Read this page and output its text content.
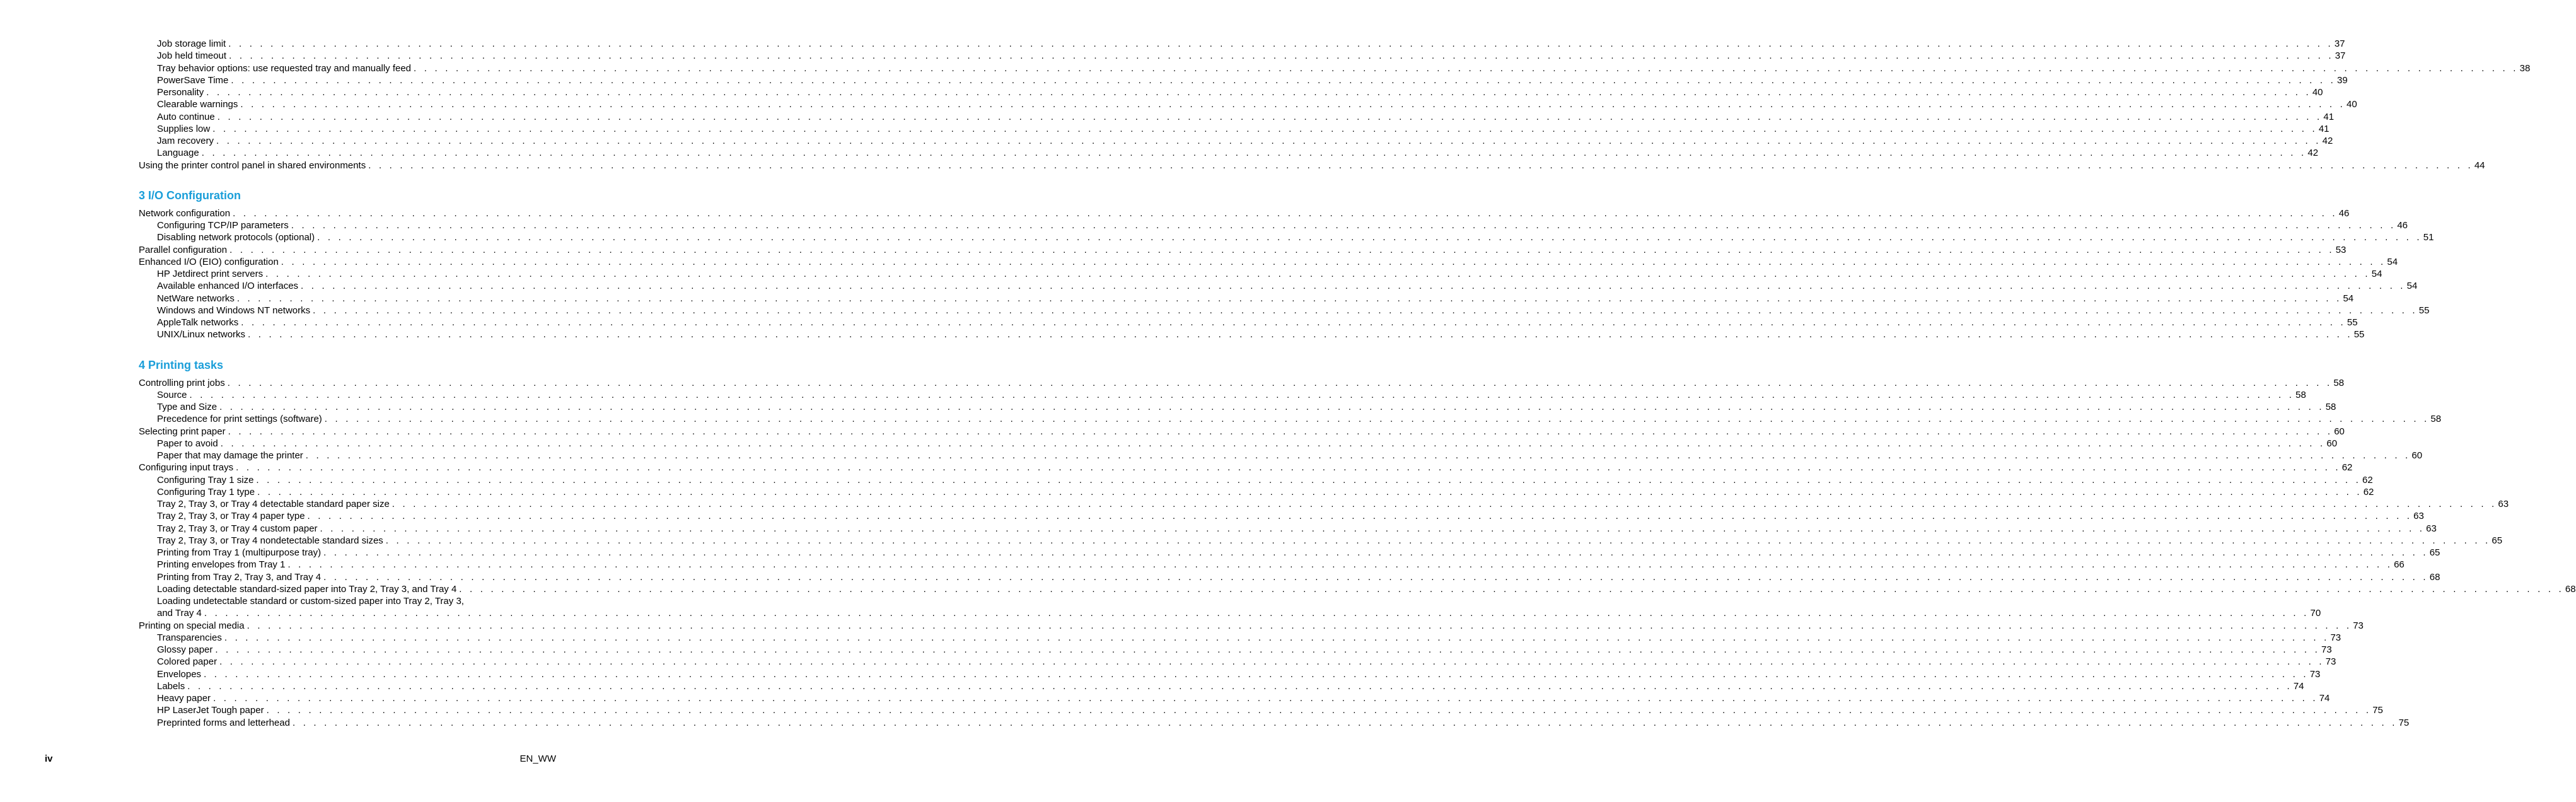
Job storage limit . . . . . . . . . . . . . . . . . . . . . . . . . . . . . . . . . . . . . . . . . . . . . . . . . . . . . . . . . . . . . . . . . . . . . . . . . . . . . . . . . . . . . . . . . . . . . . . . . . . . . . . . . . . . . . . . . . . . . . . . . . . . . . . . . . . . . . . . . . . . . . . . . . . . . . . . . . . . . . . . . . . . . . . . . . . . . . . . . . . . . . . . . . . . . . . . . . . . . . . . 37
Job held timeout . . . . . . . . . . . . . . . . . . . . . . . . . . . . . . . . . . . . . . . . . . . . . . . . . . . . . . . . . . . . . . . . . . . . . . . . . . . . . . . . . . . . . . . . . . . . . . . . . . . . . . . . . . . . . . . . . . . . . . . . . . . . . . . . . . . . . . . . . . . . . . . . . . . . . . . . . . . . . . . . . . . . . . . . . . . . . . . . . . . . . . . . . . . . . . . . . . . . . . . . 37
Tray behavior options: use requested tray and manually feed . . . . . . . . . . . . . . . . . . . . . . . . . . . . . . . . . . . . . . . . . . . . . . . . . . . . . . . . . . . . . . . . . . . . . . . . . . . . . . . . . . . . . . . . . . . . . . . . . . . . . . . . . . . . . . . . . . . . . . . . . . . . . . . . . . . . . . . . . . . . . . . . . . . . . . . . . . . . . . . . . . . . . . . . . . . . . . . . . . . . . . . . . . . . . . . . . . . . . . . . 38
PowerSave Time . . . . . . . . . . . . . . . . . . . . . . . . . . . . . . . . . . . . . . . . . . . . . . . . . . . . . . . . . . . . . . . . . . . . . . . . . . . . . . . . . . . . . . . . . . . . . . . . . . . . . . . . . . . . . . . . . . . . . . . . . . . . . . . . . . . . . . . . . . . . . . . . . . . . . . . . . . . . . . . . . . . . . . . . . . . . . . . . . . . . . . . . . . . . . . . . . . . . . . . . 39
Personality . . . . . . . . . . . . . . . . . . . . . . . . . . . . . . . . . . . . . . . . . . . . . . . . . . . . . . . . . . . . . . . . . . . . . . . . . . . . . . . . . . . . . . . . . . . . . . . . . . . . . . . . . . . . . . . . . . . . . . . . . . . . . . . . . . . . . . . . . . . . . . . . . . . . . . . . . . . . . . . . . . . . . . . . . . . . . . . . . . . . . . . . . . . . . . . . . . . . . . . . 40
Clearable warnings . . . . . . . . . . . . . . . . . . . . . . . . . . . . . . . . . . . . . . . . . . . . . . . . . . . . . . . . . . . . . . . . . . . . . . . . . . . . . . . . . . . . . . . . . . . . . . . . . . . . . . . . . . . . . . . . . . . . . . . . . . . . . . . . . . . . . . . . . . . . . . . . . . . . . . . . . . . . . . . . . . . . . . . . . . . . . . . . . . . . . . . . . . . . . . . . . . . . . . . . 40
Auto continue . . . . . . . . . . . . . . . . . . . . . . . . . . . . . . . . . . . . . . . . . . . . . . . . . . . . . . . . . . . . . . . . . . . . . . . . . . . . . . . . . . . . . . . . . . . . . . . . . . . . . . . . . . . . . . . . . . . . . . . . . . . . . . . . . . . . . . . . . . . . . . . . . . . . . . . . . . . . . . . . . . . . . . . . . . . . . . . . . . . . . . . . . . . . . . . . . . . . . . . . 41
Supplies low . . . . . . . . . . . . . . . . . . . . . . . . . . . . . . . . . . . . . . . . . . . . . . . . . . . . . . . . . . . . . . . . . . . . . . . . . . . . . . . . . . . . . . . . . . . . . . . . . . . . . . . . . . . . . . . . . . . . . . . . . . . . . . . . . . . . . . . . . . . . . . . . . . . . . . . . . . . . . . . . . . . . . . . . . . . . . . . . . . . . . . . . . . . . . . . . . . . . . . . . 41
Jam recovery . . . . . . . . . . . . . . . . . . . . . . . . . . . . . . . . . . . . . . . . . . . . . . . . . . . . . . . . . . . . . . . . . . . . . . . . . . . . . . . . . . . . . . . . . . . . . . . . . . . . . . . . . . . . . . . . . . . . . . . . . . . . . . . . . . . . . . . . . . . . . . . . . . . . . . . . . . . . . . . . . . . . . . . . . . . . . . . . . . . . . . . . . . . . . . . . . . . . . . . . 42
Language . . . . . . . . . . . . . . . . . . . . . . . . . . . . . . . . . . . . . . . . . . . . . . . . . . . . . . . . . . . . . . . . . . . . . . . . . . . . . . . . . . . . . . . . . . . . . . . . . . . . . . . . . . . . . . . . . . . . . . . . . . . . . . . . . . . . . . . . . . . . . . . . . . . . . . . . . . . . . . . . . . . . . . . . . . . . . . . . . . . . . . . . . . . . . . . . . . . . . . . . 42
Using the printer control panel in shared environments . . . . . . . . . . . . . . . . . . . . . . . . . . . . . . . . . . . . . . . . . . . . . . . . . . . . . . . . . . . . . . . . . . . . . . . . . . . . . . . . . . . . . . . . . . . . . . . . . . . . . . . . . . . . . . . . . . . . . . . . . . . . . . . . . . . . . . . . . . . . . . . . . . . . . . . . . . . . . . . . . . . . . . . . . . . . . . . . . . . . . . . . . . . . . . . . . . . . . . . . 44
3 I/O Configuration
Network configuration . . . . . . . . . . . . . . . . . . . . . . . . . . . . . . . . . . . . . . . . . . . . . . . . . . . . . . . . . . . . . . . . . . . . . . . . . . . . . . . . . . . . . . . . . . . . . . . . . . . . . . . . . . . . . . . . . . . . . . . . . . . . . . . . . . . . . . . . . . . . . . . . . . . . . . . . . . . . . . . . . . . . . . . . . . . . . . . . . . . . . . . . . . . . . . . . . . . . . . . . 46
Configuring TCP/IP parameters . . . . . . . . . . . . . . . . . . . . . . . . . . . . . . . . . . . . . . . . . . . . . . . . . . . . . . . . . . . . . . . . . . . . . . . . . . . . . . . . . . . . . . . . . . . . . . . . . . . . . . . . . . . . . . . . . . . . . . . . . . . . . . . . . . . . . . . . . . . . . . . . . . . . . . . . . . . . . . . . . . . . . . . . . . . . . . . . . . . . . . . . . . . . . . . . . . . . . . . . 46
Disabling network protocols (optional) . . . . . . . . . . . . . . . . . . . . . . . . . . . . . . . . . . . . . . . . . . . . . . . . . . . . . . . . . . . . . . . . . . . . . . . . . . . . . . . . . . . . . . . . . . . . . . . . . . . . . . . . . . . . . . . . . . . . . . . . . . . . . . . . . . . . . . . . . . . . . . . . . . . . . . . . . . . . . . . . . . . . . . . . . . . . . . . . . . . . . . . . . . . . . . . . . . . . . . . . 51
Parallel configuration . . . . . . . . . . . . . . . . . . . . . . . . . . . . . . . . . . . . . . . . . . . . . . . . . . . . . . . . . . . . . . . . . . . . . . . . . . . . . . . . . . . . . . . . . . . . . . . . . . . . . . . . . . . . . . . . . . . . . . . . . . . . . . . . . . . . . . . . . . . . . . . . . . . . . . . . . . . . . . . . . . . . . . . . . . . . . . . . . . . . . . . . . . . . . . . . . . . . . . . . 53
Enhanced I/O (EIO) configuration . . . . . . . . . . . . . . . . . . . . . . . . . . . . . . . . . . . . . . . . . . . . . . . . . . . . . . . . . . . . . . . . . . . . . . . . . . . . . . . . . . . . . . . . . . . . . . . . . . . . . . . . . . . . . . . . . . . . . . . . . . . . . . . . . . . . . . . . . . . . . . . . . . . . . . . . . . . . . . . . . . . . . . . . . . . . . . . . . . . . . . . . . . . . . . . . . . . . . . . . 54
HP Jetdirect print servers . . . . . . . . . . . . . . . . . . . . . . . . . . . . . . . . . . . . . . . . . . . . . . . . . . . . . . . . . . . . . . . . . . . . . . . . . . . . . . . . . . . . . . . . . . . . . . . . . . . . . . . . . . . . . . . . . . . . . . . . . . . . . . . . . . . . . . . . . . . . . . . . . . . . . . . . . . . . . . . . . . . . . . . . . . . . . . . . . . . . . . . . . . . . . . . . . . . . . . . . 54
Available enhanced I/O interfaces . . . . . . . . . . . . . . . . . . . . . . . . . . . . . . . . . . . . . . . . . . . . . . . . . . . . . . . . . . . . . . . . . . . . . . . . . . . . . . . . . . . . . . . . . . . . . . . . . . . . . . . . . . . . . . . . . . . . . . . . . . . . . . . . . . . . . . . . . . . . . . . . . . . . . . . . . . . . . . . . . . . . . . . . . . . . . . . . . . . . . . . . . . . . . . . . . . . . . . . . 54
NetWare networks . . . . . . . . . . . . . . . . . . . . . . . . . . . . . . . . . . . . . . . . . . . . . . . . . . . . . . . . . . . . . . . . . . . . . . . . . . . . . . . . . . . . . . . . . . . . . . . . . . . . . . . . . . . . . . . . . . . . . . . . . . . . . . . . . . . . . . . . . . . . . . . . . . . . . . . . . . . . . . . . . . . . . . . . . . . . . . . . . . . . . . . . . . . . . . . . . . . . . . . . 54
Windows and Windows NT networks . . . . . . . . . . . . . . . . . . . . . . . . . . . . . . . . . . . . . . . . . . . . . . . . . . . . . . . . . . . . . . . . . . . . . . . . . . . . . . . . . . . . . . . . . . . . . . . . . . . . . . . . . . . . . . . . . . . . . . . . . . . . . . . . . . . . . . . . . . . . . . . . . . . . . . . . . . . . . . . . . . . . . . . . . . . . . . . . . . . . . . . . . . . . . . . . . . . . . . . . 55
AppleTalk networks . . . . . . . . . . . . . . . . . . . . . . . . . . . . . . . . . . . . . . . . . . . . . . . . . . . . . . . . . . . . . . . . . . . . . . . . . . . . . . . . . . . . . . . . . . . . . . . . . . . . . . . . . . . . . . . . . . . . . . . . . . . . . . . . . . . . . . . . . . . . . . . . . . . . . . . . . . . . . . . . . . . . . . . . . . . . . . . . . . . . . . . . . . . . . . . . . . . . . . . . 55
UNIX/Linux networks . . . . . . . . . . . . . . . . . . . . . . . . . . . . . . . . . . . . . . . . . . . . . . . . . . . . . . . . . . . . . . . . . . . . . . . . . . . . . . . . . . . . . . . . . . . . . . . . . . . . . . . . . . . . . . . . . . . . . . . . . . . . . . . . . . . . . . . . . . . . . . . . . . . . . . . . . . . . . . . . . . . . . . . . . . . . . . . . . . . . . . . . . . . . . . . . . . . . . . . . 55
4 Printing tasks
Controlling print jobs . . . . . . . . . . . . . . . . . . . . . . . . . . . . . . . . . . . . . . . . . . . . . . . . . . . . . . . . . . . . . . . . . . . . . . . . . . . . . . . . . . . . . . . . . . . . . . . . . . . . . . . . . . . . . . . . . . . . . . . . . . . . . . . . . . . . . . . . . . . . . . . . . . . . . . . . . . . . . . . . . . . . . . . . . . . . . . . . . . . . . . . . . . . . . . . . . . . . . . . . 58
Source . . . . . . . . . . . . . . . . . . . . . . . . . . . . . . . . . . . . . . . . . . . . . . . . . . . . . . . . . . . . . . . . . . . . . . . . . . . . . . . . . . . . . . . . . . . . . . . . . . . . . . . . . . . . . . . . . . . . . . . . . . . . . . . . . . . . . . . . . . . . . . . . . . . . . . . . . . . . . . . . . . . . . . . . . . . . . . . . . . . . . . . . . . . . . . . . . . . . . . . . 58
Type and Size . . . . . . . . . . . . . . . . . . . . . . . . . . . . . . . . . . . . . . . . . . . . . . . . . . . . . . . . . . . . . . . . . . . . . . . . . . . . . . . . . . . . . . . . . . . . . . . . . . . . . . . . . . . . . . . . . . . . . . . . . . . . . . . . . . . . . . . . . . . . . . . . . . . . . . . . . . . . . . . . . . . . . . . . . . . . . . . . . . . . . . . . . . . . . . . . . . . . . . . . 58
Precedence for print settings (software) . . . . . . . . . . . . . . . . . . . . . . . . . . . . . . . . . . . . . . . . . . . . . . . . . . . . . . . . . . . . . . . . . . . . . . . . . . . . . . . . . . . . . . . . . . . . . . . . . . . . . . . . . . . . . . . . . . . . . . . . . . . . . . . . . . . . . . . . . . . . . . . . . . . . . . . . . . . . . . . . . . . . . . . . . . . . . . . . . . . . . . . . . . . . . . . . . . . . . . . . 58
Selecting print paper . . . . . . . . . . . . . . . . . . . . . . . . . . . . . . . . . . . . . . . . . . . . . . . . . . . . . . . . . . . . . . . . . . . . . . . . . . . . . . . . . . . . . . . . . . . . . . . . . . . . . . . . . . . . . . . . . . . . . . . . . . . . . . . . . . . . . . . . . . . . . . . . . . . . . . . . . . . . . . . . . . . . . . . . . . . . . . . . . . . . . . . . . . . . . . . . . . . . . . . . 60
Paper to avoid . . . . . . . . . . . . . . . . . . . . . . . . . . . . . . . . . . . . . . . . . . . . . . . . . . . . . . . . . . . . . . . . . . . . . . . . . . . . . . . . . . . . . . . . . . . . . . . . . . . . . . . . . . . . . . . . . . . . . . . . . . . . . . . . . . . . . . . . . . . . . . . . . . . . . . . . . . . . . . . . . . . . . . . . . . . . . . . . . . . . . . . . . . . . . . . . . . . . . . . . 60
Paper that may damage the printer . . . . . . . . . . . . . . . . . . . . . . . . . . . . . . . . . . . . . . . . . . . . . . . . . . . . . . . . . . . . . . . . . . . . . . . . . . . . . . . . . . . . . . . . . . . . . . . . . . . . . . . . . . . . . . . . . . . . . . . . . . . . . . . . . . . . . . . . . . . . . . . . . . . . . . . . . . . . . . . . . . . . . . . . . . . . . . . . . . . . . . . . . . . . . . . . . . . . . . . . 60
Configuring input trays . . . . . . . . . . . . . . . . . . . . . . . . . . . . . . . . . . . . . . . . . . . . . . . . . . . . . . . . . . . . . . . . . . . . . . . . . . . . . . . . . . . . . . . . . . . . . . . . . . . . . . . . . . . . . . . . . . . . . . . . . . . . . . . . . . . . . . . . . . . . . . . . . . . . . . . . . . . . . . . . . . . . . . . . . . . . . . . . . . . . . . . . . . . . . . . . . . . . . . . . 62
Configuring Tray 1 size . . . . . . . . . . . . . . . . . . . . . . . . . . . . . . . . . . . . . . . . . . . . . . . . . . . . . . . . . . . . . . . . . . . . . . . . . . . . . . . . . . . . . . . . . . . . . . . . . . . . . . . . . . . . . . . . . . . . . . . . . . . . . . . . . . . . . . . . . . . . . . . . . . . . . . . . . . . . . . . . . . . . . . . . . . . . . . . . . . . . . . . . . . . . . . . . . . . . . . . . 62
Configuring Tray 1 type . . . . . . . . . . . . . . . . . . . . . . . . . . . . . . . . . . . . . . . . . . . . . . . . . . . . . . . . . . . . . . . . . . . . . . . . . . . . . . . . . . . . . . . . . . . . . . . . . . . . . . . . . . . . . . . . . . . . . . . . . . . . . . . . . . . . . . . . . . . . . . . . . . . . . . . . . . . . . . . . . . . . . . . . . . . . . . . . . . . . . . . . . . . . . . . . . . . . . . . . 62
Tray 2, Tray 3, or Tray 4 detectable standard paper size . . . . . . . . . . . . . . . . . . . . . . . . . . . . . . . . . . . . . . . . . . . . . . . . . . . . . . . . . . . . . . . . . . . . . . . . . . . . . . . . . . . . . . . . . . . . . . . . . . . . . . . . . . . . . . . . . . . . . . . . . . . . . . . . . . . . . . . . . . . . . . . . . . . . . . . . . . . . . . . . . . . . . . . . . . . . . . . . . . . . . . . . . . . . . . . . . . . . . . . . 63
Tray 2, Tray 3, or Tray 4 paper type . . . . . . . . . . . . . . . . . . . . . . . . . . . . . . . . . . . . . . . . . . . . . . . . . . . . . . . . . . . . . . . . . . . . . . . . . . . . . . . . . . . . . . . . . . . . . . . . . . . . . . . . . . . . . . . . . . . . . . . . . . . . . . . . . . . . . . . . . . . . . . . . . . . . . . . . . . . . . . . . . . . . . . . . . . . . . . . . . . . . . . . . . . . . . . . . . . . . . . . . 63
Tray 2, Tray 3, or Tray 4 custom paper . . . . . . . . . . . . . . . . . . . . . . . . . . . . . . . . . . . . . . . . . . . . . . . . . . . . . . . . . . . . . . . . . . . . . . . . . . . . . . . . . . . . . . . . . . . . . . . . . . . . . . . . . . . . . . . . . . . . . . . . . . . . . . . . . . . . . . . . . . . . . . . . . . . . . . . . . . . . . . . . . . . . . . . . . . . . . . . . . . . . . . . . . . . . . . . . . . . . . . . . 63
Tray 2, Tray 3, or Tray 4 nondetectable standard sizes . . . . . . . . . . . . . . . . . . . . . . . . . . . . . . . . . . . . . . . . . . . . . . . . . . . . . . . . . . . . . . . . . . . . . . . . . . . . . . . . . . . . . . . . . . . . . . . . . . . . . . . . . . . . . . . . . . . . . . . . . . . . . . . . . . . . . . . . . . . . . . . . . . . . . . . . . . . . . . . . . . . . . . . . . . . . . . . . . . . . . . . . . . . . . . . . . . . . . . . . 65
Printing from Tray 1 (multipurpose tray) . . . . . . . . . . . . . . . . . . . . . . . . . . . . . . . . . . . . . . . . . . . . . . . . . . . . . . . . . . . . . . . . . . . . . . . . . . . . . . . . . . . . . . . . . . . . . . . . . . . . . . . . . . . . . . . . . . . . . . . . . . . . . . . . . . . . . . . . . . . . . . . . . . . . . . . . . . . . . . . . . . . . . . . . . . . . . . . . . . . . . . . . . . . . . . . . . . . . . . . . 65
Printing envelopes from Tray 1 . . . . . . . . . . . . . . . . . . . . . . . . . . . . . . . . . . . . . . . . . . . . . . . . . . . . . . . . . . . . . . . . . . . . . . . . . . . . . . . . . . . . . . . . . . . . . . . . . . . . . . . . . . . . . . . . . . . . . . . . . . . . . . . . . . . . . . . . . . . . . . . . . . . . . . . . . . . . . . . . . . . . . . . . . . . . . . . . . . . . . . . . . . . . . . . . . . . . . . . . 66
Printing from Tray 2, Tray 3, and Tray 4 . . . . . . . . . . . . . . . . . . . . . . . . . . . . . . . . . . . . . . . . . . . . . . . . . . . . . . . . . . . . . . . . . . . . . . . . . . . . . . . . . . . . . . . . . . . . . . . . . . . . . . . . . . . . . . . . . . . . . . . . . . . . . . . . . . . . . . . . . . . . . . . . . . . . . . . . . . . . . . . . . . . . . . . . . . . . . . . . . . . . . . . . . . . . . . . . . . . . . . . . 68
Loading detectable standard-sized paper into Tray 2, Tray 3, and Tray 4 . . . . . . . . . . . . . . . . . . . . . . . . . . . . . . . . . . . . . . . . . . . . . . . . . . . . . . . . . . . . . . . . . . . . . . . . . . . . . . . . . . . . . . . . . . . . . . . . . . . . . . . . . . . . . . . . . . . . . . . . . . . . . . . . . . . . . . . . . . . . . . . . . . . . . . . . . . . . . . . . . . . . . . . . . . . . . . . . . . . . . . . . . . . . . . . . . . . . . . . . 68
Loading undetectable standard or custom-sized paper into Tray 2, Tray 3,
and Tray 4 . . . . . . . . . . . . . . . . . . . . . . . . . . . . . . . . . . . . . . . . . . . . . . . . . . . . . . . . . . . . . . . . . . . . . . . . . . . . . . . . . . . . . . . . . . . . . . . . . . . . . . . . . . . . . . . . . . . . . . . . . . . . . . . . . . . . . . . . . . . . . . . . . . . . . . . . . . . . . . . . . . . . . . . . . . . . . . . . . . . . . . . . . . . . . . . . . . . . . . . . 70
Printing on special media . . . . . . . . . . . . . . . . . . . . . . . . . . . . . . . . . . . . . . . . . . . . . . . . . . . . . . . . . . . . . . . . . . . . . . . . . . . . . . . . . . . . . . . . . . . . . . . . . . . . . . . . . . . . . . . . . . . . . . . . . . . . . . . . . . . . . . . . . . . . . . . . . . . . . . . . . . . . . . . . . . . . . . . . . . . . . . . . . . . . . . . . . . . . . . . . . . . . . . . . 73
Transparencies . . . . . . . . . . . . . . . . . . . . . . . . . . . . . . . . . . . . . . . . . . . . . . . . . . . . . . . . . . . . . . . . . . . . . . . . . . . . . . . . . . . . . . . . . . . . . . . . . . . . . . . . . . . . . . . . . . . . . . . . . . . . . . . . . . . . . . . . . . . . . . . . . . . . . . . . . . . . . . . . . . . . . . . . . . . . . . . . . . . . . . . . . . . . . . . . . . . . . . . . 73
Glossy paper . . . . . . . . . . . . . . . . . . . . . . . . . . . . . . . . . . . . . . . . . . . . . . . . . . . . . . . . . . . . . . . . . . . . . . . . . . . . . . . . . . . . . . . . . . . . . . . . . . . . . . . . . . . . . . . . . . . . . . . . . . . . . . . . . . . . . . . . . . . . . . . . . . . . . . . . . . . . . . . . . . . . . . . . . . . . . . . . . . . . . . . . . . . . . . . . . . . . . . . . 73
Colored paper . . . . . . . . . . . . . . . . . . . . . . . . . . . . . . . . . . . . . . . . . . . . . . . . . . . . . . . . . . . . . . . . . . . . . . . . . . . . . . . . . . . . . . . . . . . . . . . . . . . . . . . . . . . . . . . . . . . . . . . . . . . . . . . . . . . . . . . . . . . . . . . . . . . . . . . . . . . . . . . . . . . . . . . . . . . . . . . . . . . . . . . . . . . . . . . . . . . . . . . . 73
Envelopes . . . . . . . . . . . . . . . . . . . . . . . . . . . . . . . . . . . . . . . . . . . . . . . . . . . . . . . . . . . . . . . . . . . . . . . . . . . . . . . . . . . . . . . . . . . . . . . . . . . . . . . . . . . . . . . . . . . . . . . . . . . . . . . . . . . . . . . . . . . . . . . . . . . . . . . . . . . . . . . . . . . . . . . . . . . . . . . . . . . . . . . . . . . . . . . . . . . . . . . . 73
Labels . . . . . . . . . . . . . . . . . . . . . . . . . . . . . . . . . . . . . . . . . . . . . . . . . . . . . . . . . . . . . . . . . . . . . . . . . . . . . . . . . . . . . . . . . . . . . . . . . . . . . . . . . . . . . . . . . . . . . . . . . . . . . . . . . . . . . . . . . . . . . . . . . . . . . . . . . . . . . . . . . . . . . . . . . . . . . . . . . . . . . . . . . . . . . . . . . . . . . . . . 74
Heavy paper . . . . . . . . . . . . . . . . . . . . . . . . . . . . . . . . . . . . . . . . . . . . . . . . . . . . . . . . . . . . . . . . . . . . . . . . . . . . . . . . . . . . . . . . . . . . . . . . . . . . . . . . . . . . . . . . . . . . . . . . . . . . . . . . . . . . . . . . . . . . . . . . . . . . . . . . . . . . . . . . . . . . . . . . . . . . . . . . . . . . . . . . . . . . . . . . . . . . . . . . 74
HP LaserJet Tough paper . . . . . . . . . . . . . . . . . . . . . . . . . . . . . . . . . . . . . . . . . . . . . . . . . . . . . . . . . . . . . . . . . . . . . . . . . . . . . . . . . . . . . . . . . . . . . . . . . . . . . . . . . . . . . . . . . . . . . . . . . . . . . . . . . . . . . . . . . . . . . . . . . . . . . . . . . . . . . . . . . . . . . . . . . . . . . . . . . . . . . . . . . . . . . . . . . . . . . . . . 75
Preprinted forms and letterhead . . . . . . . . . . . . . . . . . . . . . . . . . . . . . . . . . . . . . . . . . . . . . . . . . . . . . . . . . . . . . . . . . . . . . . . . . . . . . . . . . . . . . . . . . . . . . . . . . . . . . . . . . . . . . . . . . . . . . . . . . . . . . . . . . . . . . . . . . . . . . . . . . . . . . . . . . . . . . . . . . . . . . . . . . . . . . . . . . . . . . . . . . . . . . . . . . . . . . . . . 75
iv	EN_WW
